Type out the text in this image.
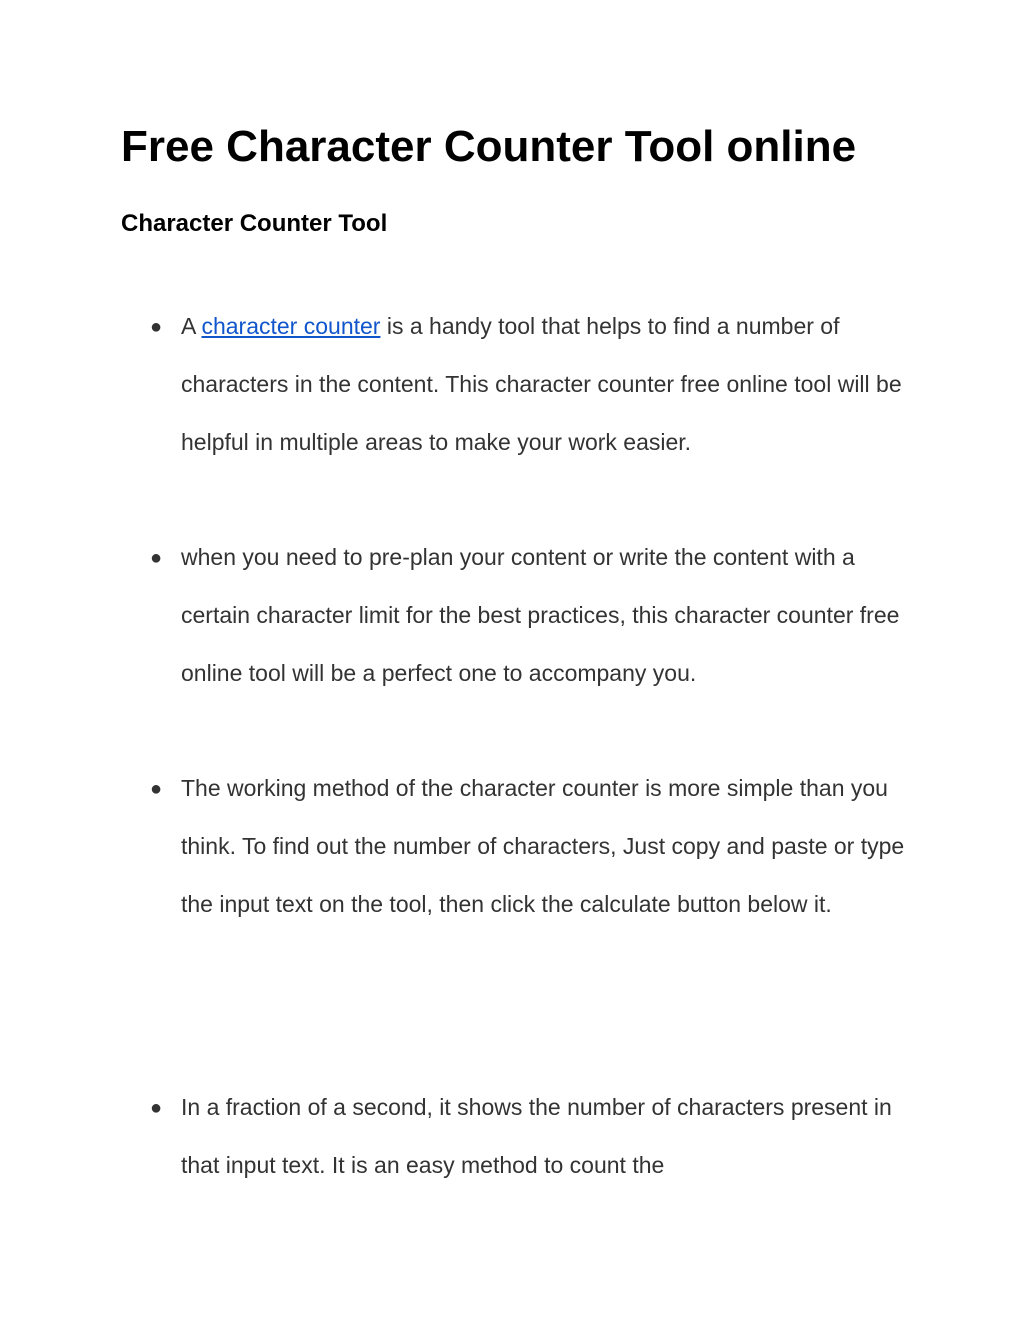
Free Character Counter Tool online
Character Counter Tool
● A character counter is a handy tool that helps to find a number of characters in the content. This character counter free online tool will be helpful in multiple areas to make your work easier.
● when you need to pre-plan your content or write the content with a certain character limit for the best practices, this character counter free online tool will be a perfect one to accompany you.
● The working method of the character counter is more simple than you think. To find out the number of characters, Just copy and paste or type the input text on the tool, then click the calculate button below it.
● In a fraction of a second, it shows the number of characters present in that input text. It is an easy method to count the
